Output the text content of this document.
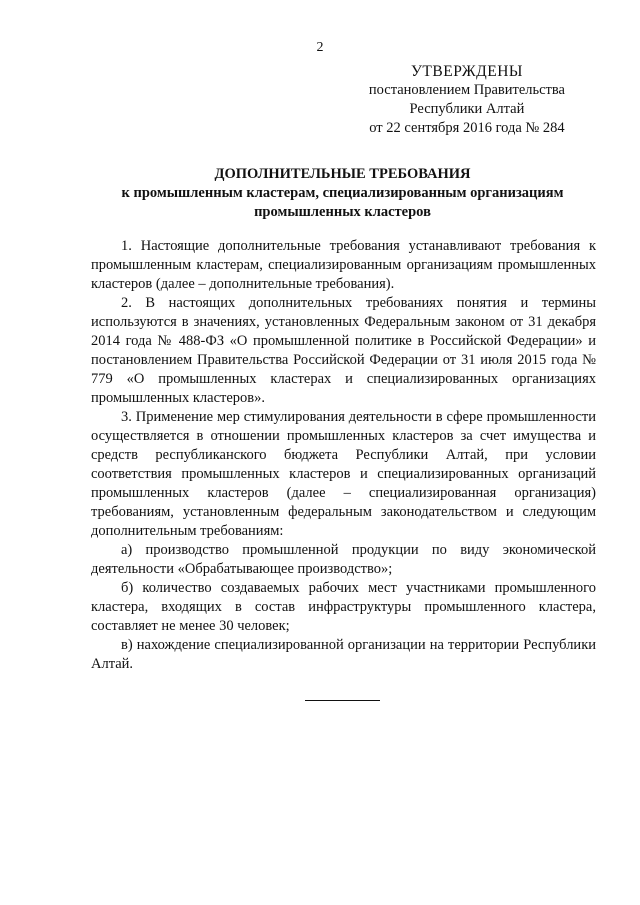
2
УТВЕРЖДЕНЫ
постановлением Правительства
Республики Алтай
от 22 сентября 2016 года № 284
ДОПОЛНИТЕЛЬНЫЕ ТРЕБОВАНИЯ
к промышленным кластерам, специализированным организациям
промышленных кластеров

1. Настоящие дополнительные требования устанавливают требования к промышленным кластерам, специализированным организациям промышленных кластеров (далее – дополнительные требования).

2. В настоящих дополнительных требованиях понятия и термины используются в значениях, установленных Федеральным законом от 31 декабря 2014 года № 488-ФЗ «О промышленной политике в Российской Федерации» и постановлением Правительства Российской Федерации от 31 июля 2015 года № 779 «О промышленных кластерах и специализированных организациях промышленных кластеров».

3. Применение мер стимулирования деятельности в сфере промышленности осуществляется в отношении промышленных кластеров за счет имущества и средств республиканского бюджета Республики Алтай, при условии соответствия промышленных кластеров и специализированных организаций промышленных кластеров (далее – специализированная организация) требованиям, установленным федеральным законодательством и следующим дополнительным требованиям:

а) производство промышленной продукции по виду экономической деятельности «Обрабатывающее производство»;

б) количество создаваемых рабочих мест участниками промышленного кластера, входящих в состав инфраструктуры промышленного кластера, составляет не менее 30 человек;

в) нахождение специализированной организации на территории Республики Алтай.
